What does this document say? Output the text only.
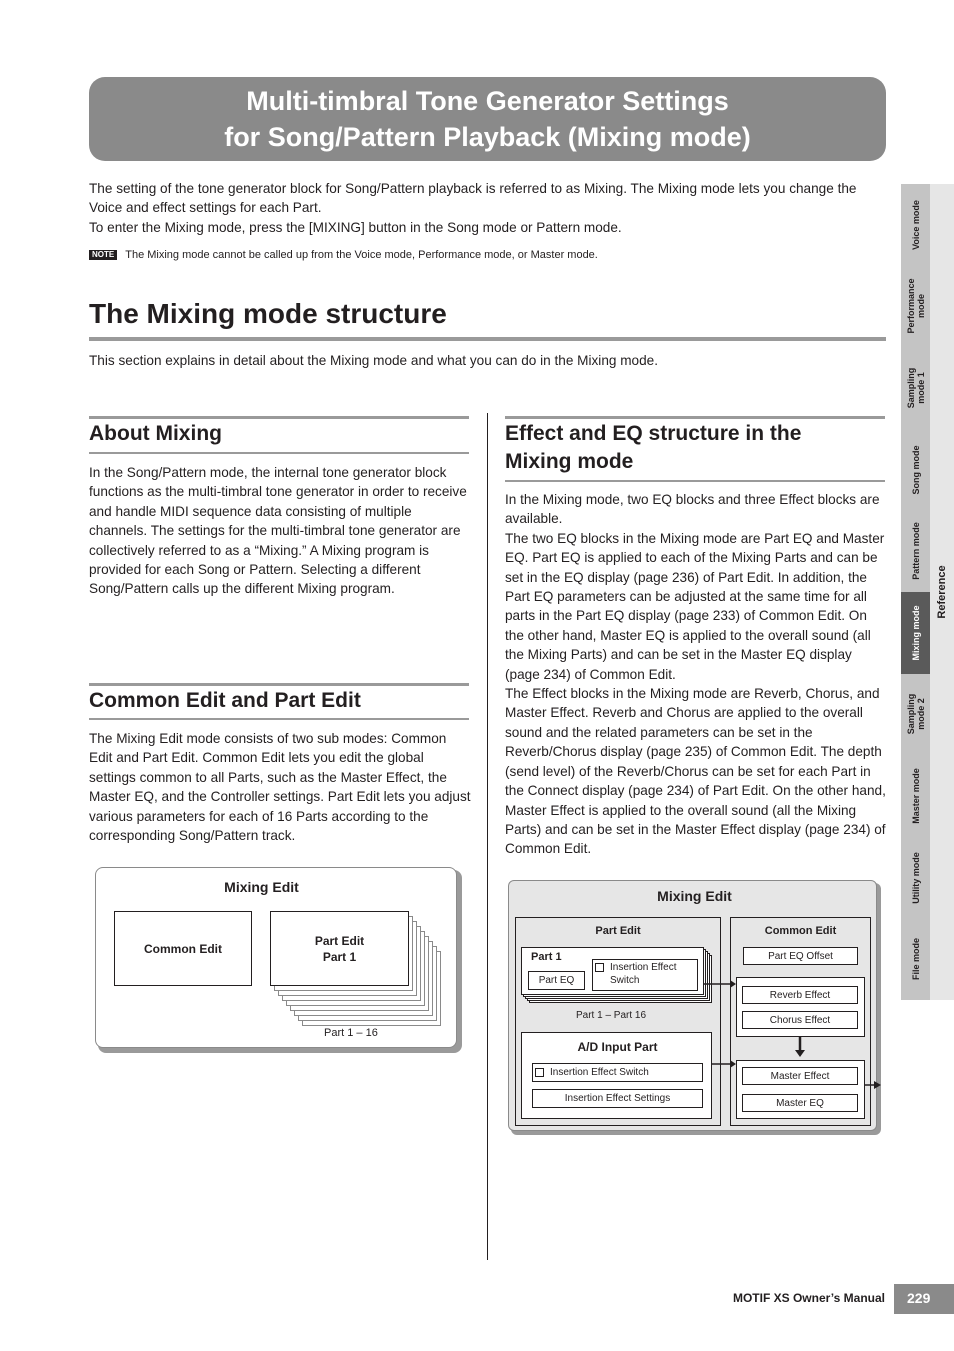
Multi-timbral Tone Generator Settings
for Song/Pattern Playback (Mixing mode)

The setting of the tone generator block for Song/Pattern playback is referred to as Mixing. The Mixing mode lets you change the Voice and effect settings for each Part.

To enter the Mixing mode, press the [MIXING] button in the Song mode or Pattern mode.

NOTE The Mixing mode cannot be called up from the Voice mode, Performance mode, or Master mode.
The Mixing mode structure

This section explains in detail about the Mixing mode and what you can do in the Mixing mode.

About Mixing

In the Song/Pattern mode, the internal tone generator block functions as the multi-timbral tone generator in order to receive and handle MIDI sequence data consisting of multiple channels. The settings for the multi-timbral tone generator are collectively referred to as a “Mixing.” A Mixing program is provided for each Song or Pattern. Selecting a different Song/Pattern calls up the different Mixing program.

Common Edit and Part Edit

The Mixing Edit mode consists of two sub modes: Common Edit and Part Edit. Common Edit lets you edit the global settings common to all Parts, such as the Master Effect, the Master EQ, and the Controller settings. Part Edit lets you adjust various parameters for each of 16 Parts according to the corresponding Song/Pattern track.

Effect and EQ structure in the
Mixing mode

In the Mixing mode, two EQ blocks and three Effect blocks are available.

The two EQ blocks in the Mixing mode are Part EQ and Master EQ. Part EQ is applied to each of the Mixing Parts and can be set in the EQ display (page 236) of Part Edit. In addition, the Part EQ parameters can be adjusted at the same time for all parts in the Part EQ display (page 233) of Common Edit. On the other hand, Master EQ is applied to the overall sound (all the Mixing Parts) and can be set in the Master EQ display (page 234) of Common Edit.

The Effect blocks in the Mixing mode are Reverb, Chorus, and Master Effect. Reverb and Chorus are applied to the overall sound and the related parameters can be set in the Reverb/Chorus display (page 235) of Common Edit. The depth (send level) of the Reverb/Chorus can be set for each Part in the Connect display (page 234) of Part Edit. On the other hand, Master Effect is applied to the overall sound (all the Mixing Parts) and can be set in the Master Effect display (page 234) of Common Edit.

Mixing Edit
Common Edit
Part Edit
Part 1
Part 1 – 16
Mixing Edit
Part Edit
Part 1
Part EQ
Insertion Effect
Switch
Part 1 – Part 16
A/D Input Part
Insertion Effect Switch
Insertion Effect Settings
Common Edit
Part EQ Offset
Reverb Effect
Chorus Effect
Master Effect
Master EQ
Voice mode
Performance
mode
Sampling
mode 1
Song mode
Pattern mode
Mixing mode
Sampling
mode 2
Master mode
Utility mode
File mode
Reference
MOTIF XS Owner’s Manual	229
